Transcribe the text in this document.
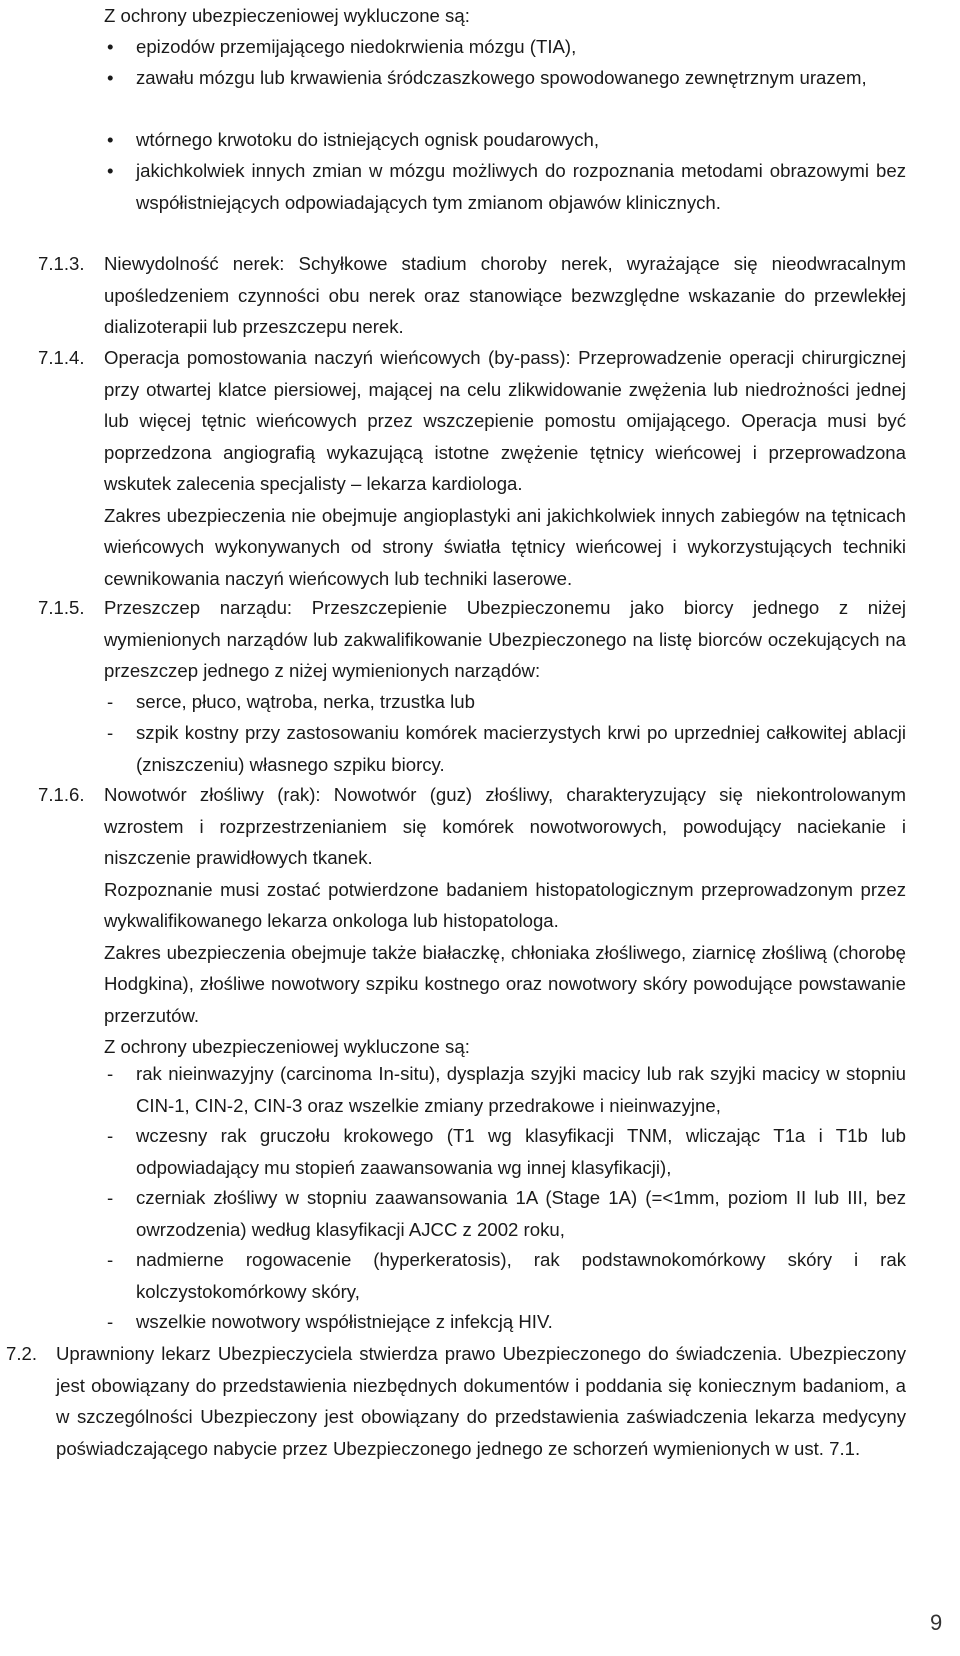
Z ochrony ubezpieczeniowej wykluczone są:

• epizodów przemijającego niedokrwienia mózgu (TIA),

• zawału mózgu lub krwawienia śródczaszkowego spowodowanego zewnętrznym urazem,

• wtórnego krwotoku do istniejących ognisk poudarowych,

• jakichkolwiek innych zmian w mózgu możliwych do rozpoznania metodami obrazowymi bez współistniejących odpowiadających tym zmianom objawów klinicznych.

7.1.3. Niewydolność nerek: Schyłkowe stadium choroby nerek, wyrażające się nieodwracalnym upośledzeniem czynności obu nerek oraz stanowiące bezwzględne wskazanie do przewlekłej dializoterapii lub przeszczepu nerek.

7.1.4. Operacja pomostowania naczyń wieńcowych (by-pass): Przeprowadzenie operacji chirurgicznej przy otwartej klatce piersiowej, mającej na celu zlikwidowanie zwężenia lub niedrożności jednej lub więcej tętnic wieńcowych przez wszczepienie pomostu omijającego. Operacja musi być poprzedzona angiografią wykazującą istotne zwężenie tętnicy wieńcowej i przeprowadzona wskutek zalecenia specjalisty – lekarza kardiologa.

Zakres ubezpieczenia nie obejmuje angioplastyki ani jakichkolwiek innych zabiegów na tętnicach wieńcowych wykonywanych od strony światła tętnicy wieńcowej i wykorzystujących techniki cewnikowania naczyń wieńcowych lub techniki laserowe.

7.1.5. Przeszczep narządu: Przeszczepienie Ubezpieczonemu jako biorcy jednego z niżej wymienionych narządów lub zakwalifikowanie Ubezpieczonego na listę biorców oczekujących na przeszczep jednego z niżej wymienionych narządów:

- serce, płuco, wątroba, nerka, trzustka lub

- szpik kostny przy zastosowaniu komórek macierzystych krwi po uprzedniej całkowitej ablacji (zniszczeniu) własnego szpiku biorcy.

7.1.6. Nowotwór złośliwy (rak): Nowotwór (guz) złośliwy, charakteryzujący się niekontrolowanym wzrostem i rozprzestrzenianiem się komórek nowotworowych, powodujący naciekanie i niszczenie prawidłowych tkanek.

Rozpoznanie musi zostać potwierdzone badaniem histopatologicznym przeprowadzonym przez wykwalifikowanego lekarza onkologa lub histopatologa.

Zakres ubezpieczenia obejmuje także białaczkę, chłoniaka złośliwego, ziarnicę złośliwą (chorobę Hodgkina), złośliwe nowotwory szpiku kostnego oraz nowotwory skóry powodujące powstawanie przerzutów.

Z ochrony ubezpieczeniowej wykluczone są:

- rak nieinwazyjny (carcinoma In-situ), dysplazja szyjki macicy lub rak szyjki macicy w stopniu CIN-1, CIN-2, CIN-3 oraz wszelkie zmiany przedrakowe i nieinwazyjne,

- wczesny rak gruczołu krokowego (T1 wg klasyfikacji TNM, wliczając T1a i T1b lub odpowiadający mu stopień zaawansowania wg innej klasyfikacji),

- czerniak złośliwy w stopniu zaawansowania 1A (Stage 1A) (=<1mm, poziom II lub III, bez owrzodzenia) według klasyfikacji AJCC z 2002 roku,

- nadmierne rogowacenie (hyperkeratosis), rak podstawnokomórkowy skóry i rak kolczystokomórkowy skóry,

- wszelkie nowotwory współistniejące z infekcją HIV.

7.2. Uprawniony lekarz Ubezpieczyciela stwierdza prawo Ubezpieczonego do świadczenia. Ubezpieczony jest obowiązany do przedstawienia niezbędnych dokumentów i poddania się koniecznym badaniom, a w szczególności Ubezpieczony jest obowiązany do przedstawienia zaświadczenia lekarza medycyny poświadczającego nabycie przez Ubezpieczonego jednego ze schorzeń wymienionych w ust. 7.1.

9
